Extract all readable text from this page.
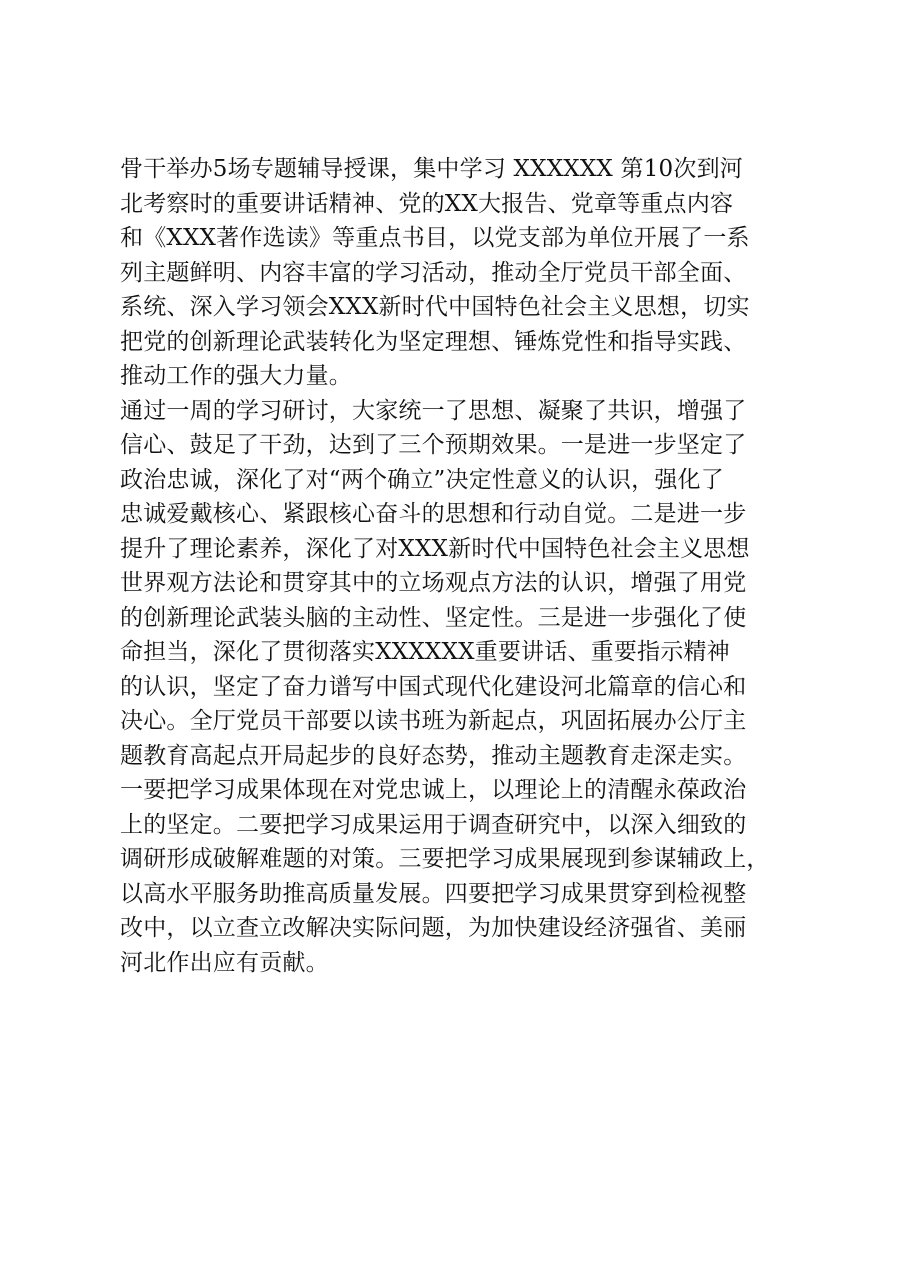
骨干举办5场专题辅导授课，集中学习 XXXXXX 第10次到河
北考察时的重要讲话精神、党的XX大报告、党章等重点内容
和《XXX著作选读》等重点书目，以党支部为单位开展了一系
列主题鲜明、内容丰富的学习活动，推动全厅党员干部全面、
系统、深入学习领会XXX新时代中国特色社会主义思想，切实
把党的创新理论武装转化为坚定理想、锤炼党性和指导实践、
推动工作的强大力量。
通过一周的学习研讨，大家统一了思想、凝聚了共识，增强了
信心、鼓足了干劲，达到了三个预期效果。一是进一步坚定了
政治忠诚，深化了对“两个确立”决定性意义的认识，强化了
忠诚爱戴核心、紧跟核心奋斗的思想和行动自觉。二是进一步
提升了理论素养，深化了对XXX新时代中国特色社会主义思想
世界观方法论和贯穿其中的立场观点方法的认识，增强了用党
的创新理论武装头脑的主动性、坚定性。三是进一步强化了使
命担当，深化了贯彻落实XXXXXX重要讲话、重要指示精神
的认识，坚定了奋力谱写中国式现代化建设河北篇章的信心和
决心。全厅党员干部要以读书班为新起点，巩固拓展办公厅主
题教育高起点开局起步的良好态势，推动主题教育走深走实。
一要把学习成果体现在对党忠诚上，以理论上的清醒永葆政治
上的坚定。二要把学习成果运用于调查研究中，以深入细致的
调研形成破解难题的对策。三要把学习成果展现到参谋辅政上，
以高水平服务助推高质量发展。四要把学习成果贯穿到检视整
改中，以立查立改解决实际问题，为加快建设经济强省、美丽
河北作出应有贡献。
